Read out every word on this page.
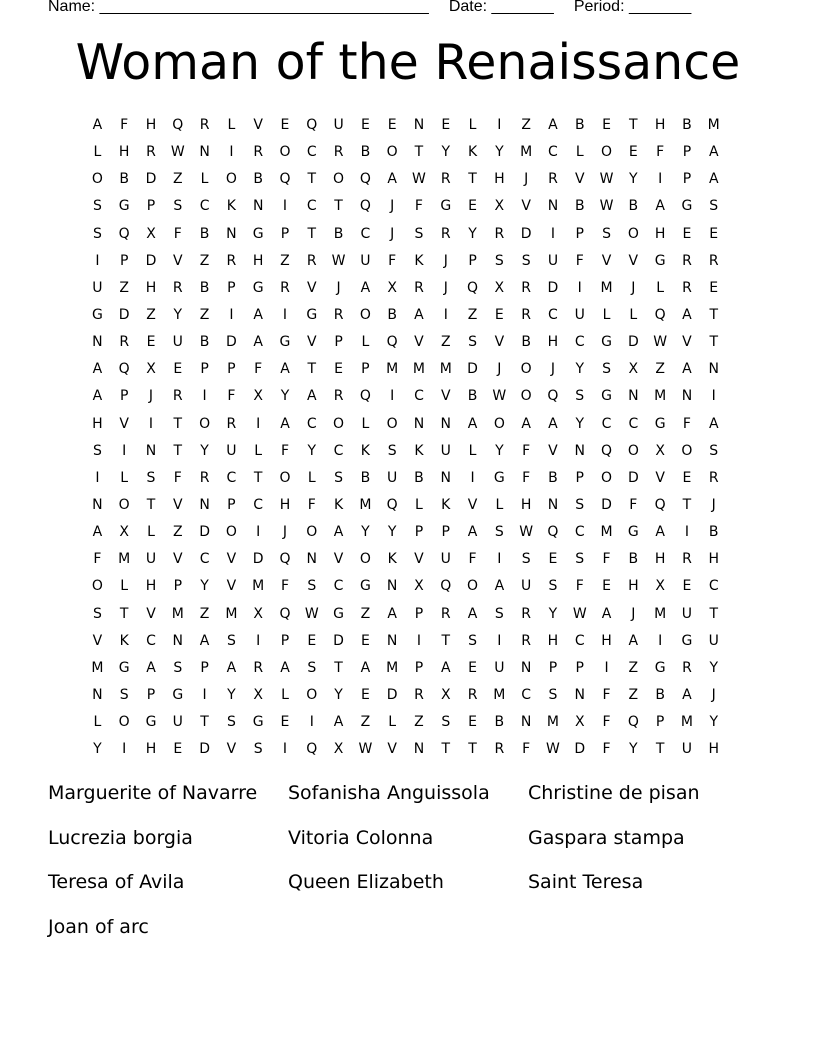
Name:
_____________________________________ Date:
_______ Period:
_______
Woman of the Renaissance
A	F	H	Q	R	L	V	E	Q	U	E	E	N	E	L	I	Z	A	B	E	T	H	B	M
L	H	R	W	N	I	R	O	C	R	B	O	T	Y	K	Y	M	C	L	O	E	F	P	A
O	B	D	Z	L	O	B	Q	T	O	Q	A	W	R	T	H	J	R	V	W	Y	I	P	A
S	G	P	S	C	K	N	I	C	T	Q	J	F	G	E	X	V	N	B	W	B	A	G	S
S	Q	X	F	B	N	G	P	T	B	C	J	S	R	Y	R	D	I	P	S	O	H	E	E
I	P	D	V	Z	R	H	Z	R	W	U	F	K	J	P	S	S	U	F	V	V	G	R	R
U	Z	H	R	B	P	G	R	V	J	A	X	R	J	Q	X	R	D	I	M	J	L	R	E
G	D	Z	Y	Z	I	A	I	G	R	O	B	A	I	Z	E	R	C	U	L	L	Q	A	T
N	R	E	U	B	D	A	G	V	P	L	Q	V	Z	S	V	B	H	C	G	D	W	V	T
A	Q	X	E	P	P	F	A	T	E	P	M	M	M	D	J	O	J	Y	S	X	Z	A	N
A	P	J	R	I	F	X	Y	A	R	Q	I	C	V	B	W	O	Q	S	G	N	M	N	I
H	V	I	T	O	R	I	A	C	O	L	O	N	N	A	O	A	A	Y	C	C	G	F	A
S	I	N	T	Y	U	L	F	Y	C	K	S	K	U	L	Y	F	V	N	Q	O	X	O	S
I	L	S	F	R	C	T	O	L	S	B	U	B	N	I	G	F	B	P	O	D	V	E	R
N	O	T	V	N	P	C	H	F	K	M	Q	L	K	V	L	H	N	S	D	F	Q	T	J
A	X	L	Z	D	O	I	J	O	A	Y	Y	P	P	A	S	W	Q	C	M	G	A	I	B
F	M	U	V	C	V	D	Q	N	V	O	K	V	U	F	I	S	E	S	F	B	H	R	H
O	L	H	P	Y	V	M	F	S	C	G	N	X	Q	O	A	U	S	F	E	H	X	E	C
S	T	V	M	Z	M	X	Q	W	G	Z	A	P	R	A	S	R	Y	W	A	J	M	U	T
V	K	C	N	A	S	I	P	E	D	E	N	I	T	S	I	R	H	C	H	A	I	G	U
M	G	A	S	P	A	R	A	S	T	A	M	P	A	E	U	N	P	P	I	Z	G	R	Y
N	S	P	G	I	Y	X	L	O	Y	E	D	R	X	R	M	C	S	N	F	Z	B	A	J
L	O	G	U	T	S	G	E	I	A	Z	L	Z	S	E	B	N	M	X	F	Q	P	M	Y
Y	I	H	E	D	V	S	I	Q	X	W	V	N	T	T	R	F	W	D	F	Y	T	U	H
Marguerite of Navarre	Sofanisha Anguissola	Christine de pisan
Lucrezia borgia	Vitoria Colonna	Gaspara stampa
Teresa of Avila	Queen Elizabeth	Saint Teresa
Joan of arc
